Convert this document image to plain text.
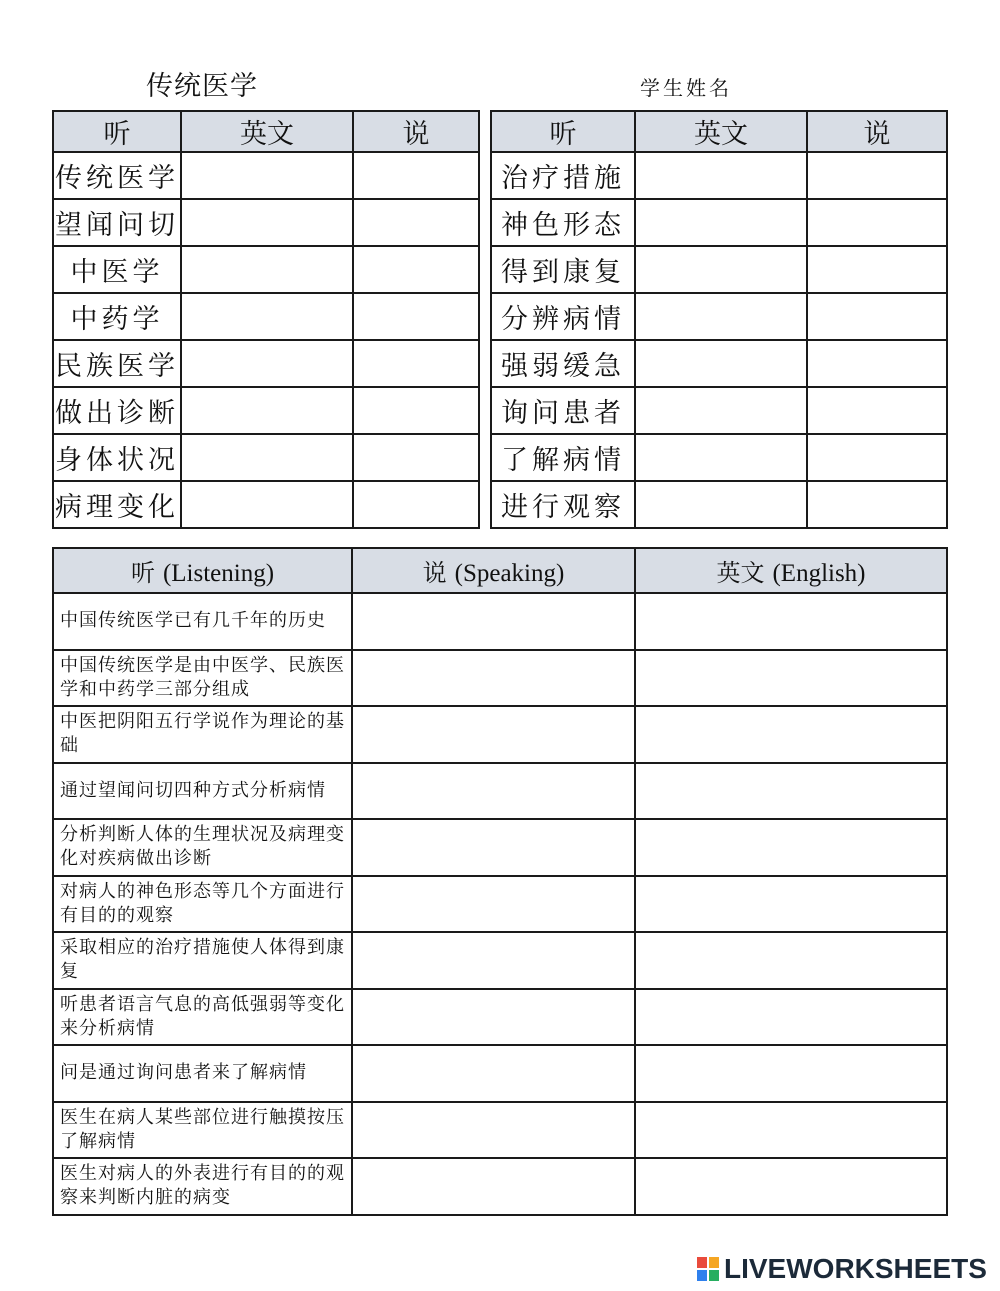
传统医学	学生姓名
听	英文	说
传统医学		
望闻问切		
中医学		
中药学		
民族医学		
做出诊断		
身体状况		
病理变化		
听	英文	说
治疗措施		
神色形态		
得到康复		
分辨病情		
强弱缓急		
询问患者		
了解病情		
进行观察		
听 (Listening)	说 (Speaking)	英文 (English)
中国传统医学已有几千年的历史		
中国传统医学是由中医学、民族医学和中药学三部分组成		
中医把阴阳五行学说作为理论的基础		
通过望闻问切四种方式分析病情		
分析判断人体的生理状况及病理变化对疾病做出诊断		
对病人的神色形态等几个方面进行有目的的观察		
采取相应的治疗措施使人体得到康复		
听患者语言气息的高低强弱等变化来分析病情		
问是通过询问患者来了解病情		
医生在病人某些部位进行触摸按压了解病情		
医生对病人的外表进行有目的的观察来判断内脏的病变		
LIVEWORKSHEETS
